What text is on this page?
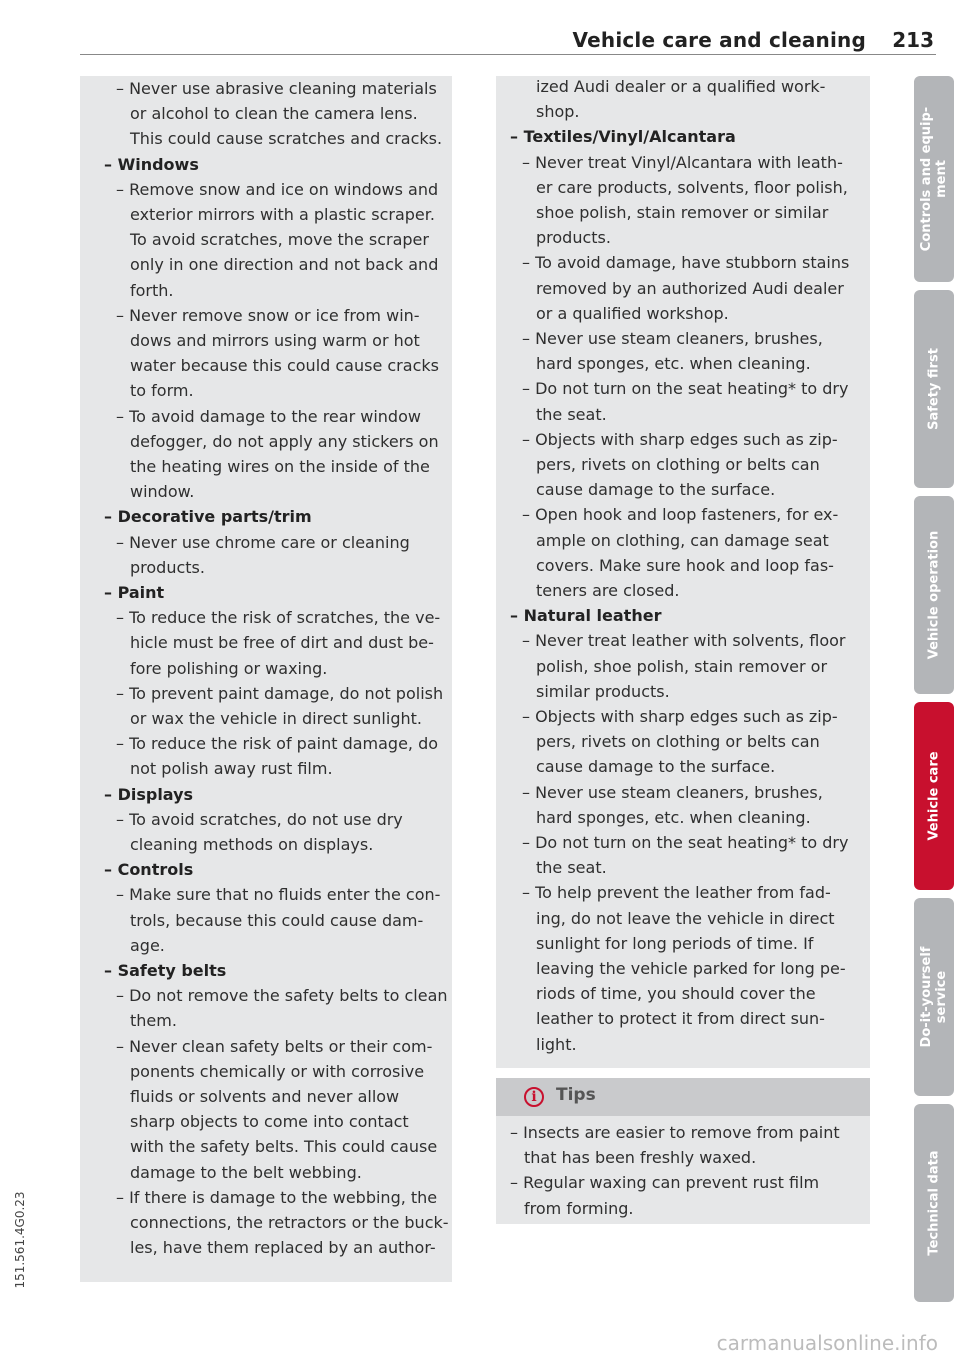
Vehicle care and cleaning 213
– Never use abrasive cleaning materials
or alcohol to clean the camera lens.
This could cause scratches and cracks.
– Windows
– Remove snow and ice on windows and
exterior mirrors with a plastic scraper.
To avoid scratches, move the scraper
only in one direction and not back and
forth.
– Never remove snow or ice from win-
dows and mirrors using warm or hot
water because this could cause cracks
to form.
– To avoid damage to the rear window
defogger, do not apply any stickers on
the heating wires on the inside of the
window.
– Decorative parts/trim
– Never use chrome care or cleaning
products.
– Paint
– To reduce the risk of scratches, the ve-
hicle must be free of dirt and dust be-
fore polishing or waxing.
– To prevent paint damage, do not polish
or wax the vehicle in direct sunlight.
– To reduce the risk of paint damage, do
not polish away rust film.
– Displays
– To avoid scratches, do not use dry
cleaning methods on displays.
– Controls
– Make sure that no fluids enter the con-
trols, because this could cause dam-
age.
– Safety belts
– Do not remove the safety belts to clean
them.
– Never clean safety belts or their com-
ponents chemically or with corrosive
fluids or solvents and never allow
sharp objects to come into contact
with the safety belts. This could cause
damage to the belt webbing.
– If there is damage to the webbing, the
connections, the retractors or the buck-
les, have them replaced by an author-
ized Audi dealer or a qualified work-
shop.
– Textiles/Vinyl/Alcantara
– Never treat Vinyl/Alcantara with leath-
er care products, solvents, floor polish,
shoe polish, stain remover or similar
products.
– To avoid damage, have stubborn stains
removed by an authorized Audi dealer
or a qualified workshop.
– Never use steam cleaners, brushes,
hard sponges, etc. when cleaning.
– Do not turn on the seat heating* to dry
the seat.
– Objects with sharp edges such as zip-
pers, rivets on clothing or belts can
cause damage to the surface.
– Open hook and loop fasteners, for ex-
ample on clothing, can damage seat
covers. Make sure hook and loop fas-
teners are closed.
– Natural leather
– Never treat leather with solvents, floor
polish, shoe polish, stain remover or
similar products.
– Objects with sharp edges such as zip-
pers, rivets on clothing or belts can
cause damage to the surface.
– Never use steam cleaners, brushes,
hard sponges, etc. when cleaning.
– Do not turn on the seat heating* to dry
the seat.
– To help prevent the leather from fad-
ing, do not leave the vehicle in direct
sunlight for long periods of time. If
leaving the vehicle parked for long pe-
riods of time, you should cover the
leather to protect it from direct sun-
light.
i	Tips
– Insects are easier to remove from paint
that has been freshly waxed.
– Regular waxing can prevent rust film
from forming.
Controls and equip-
ment
Safety first
Vehicle operation
Vehicle care
Do-it-yourself
service
Technical data
151.561.4G0.23
carmanualsonline.info
